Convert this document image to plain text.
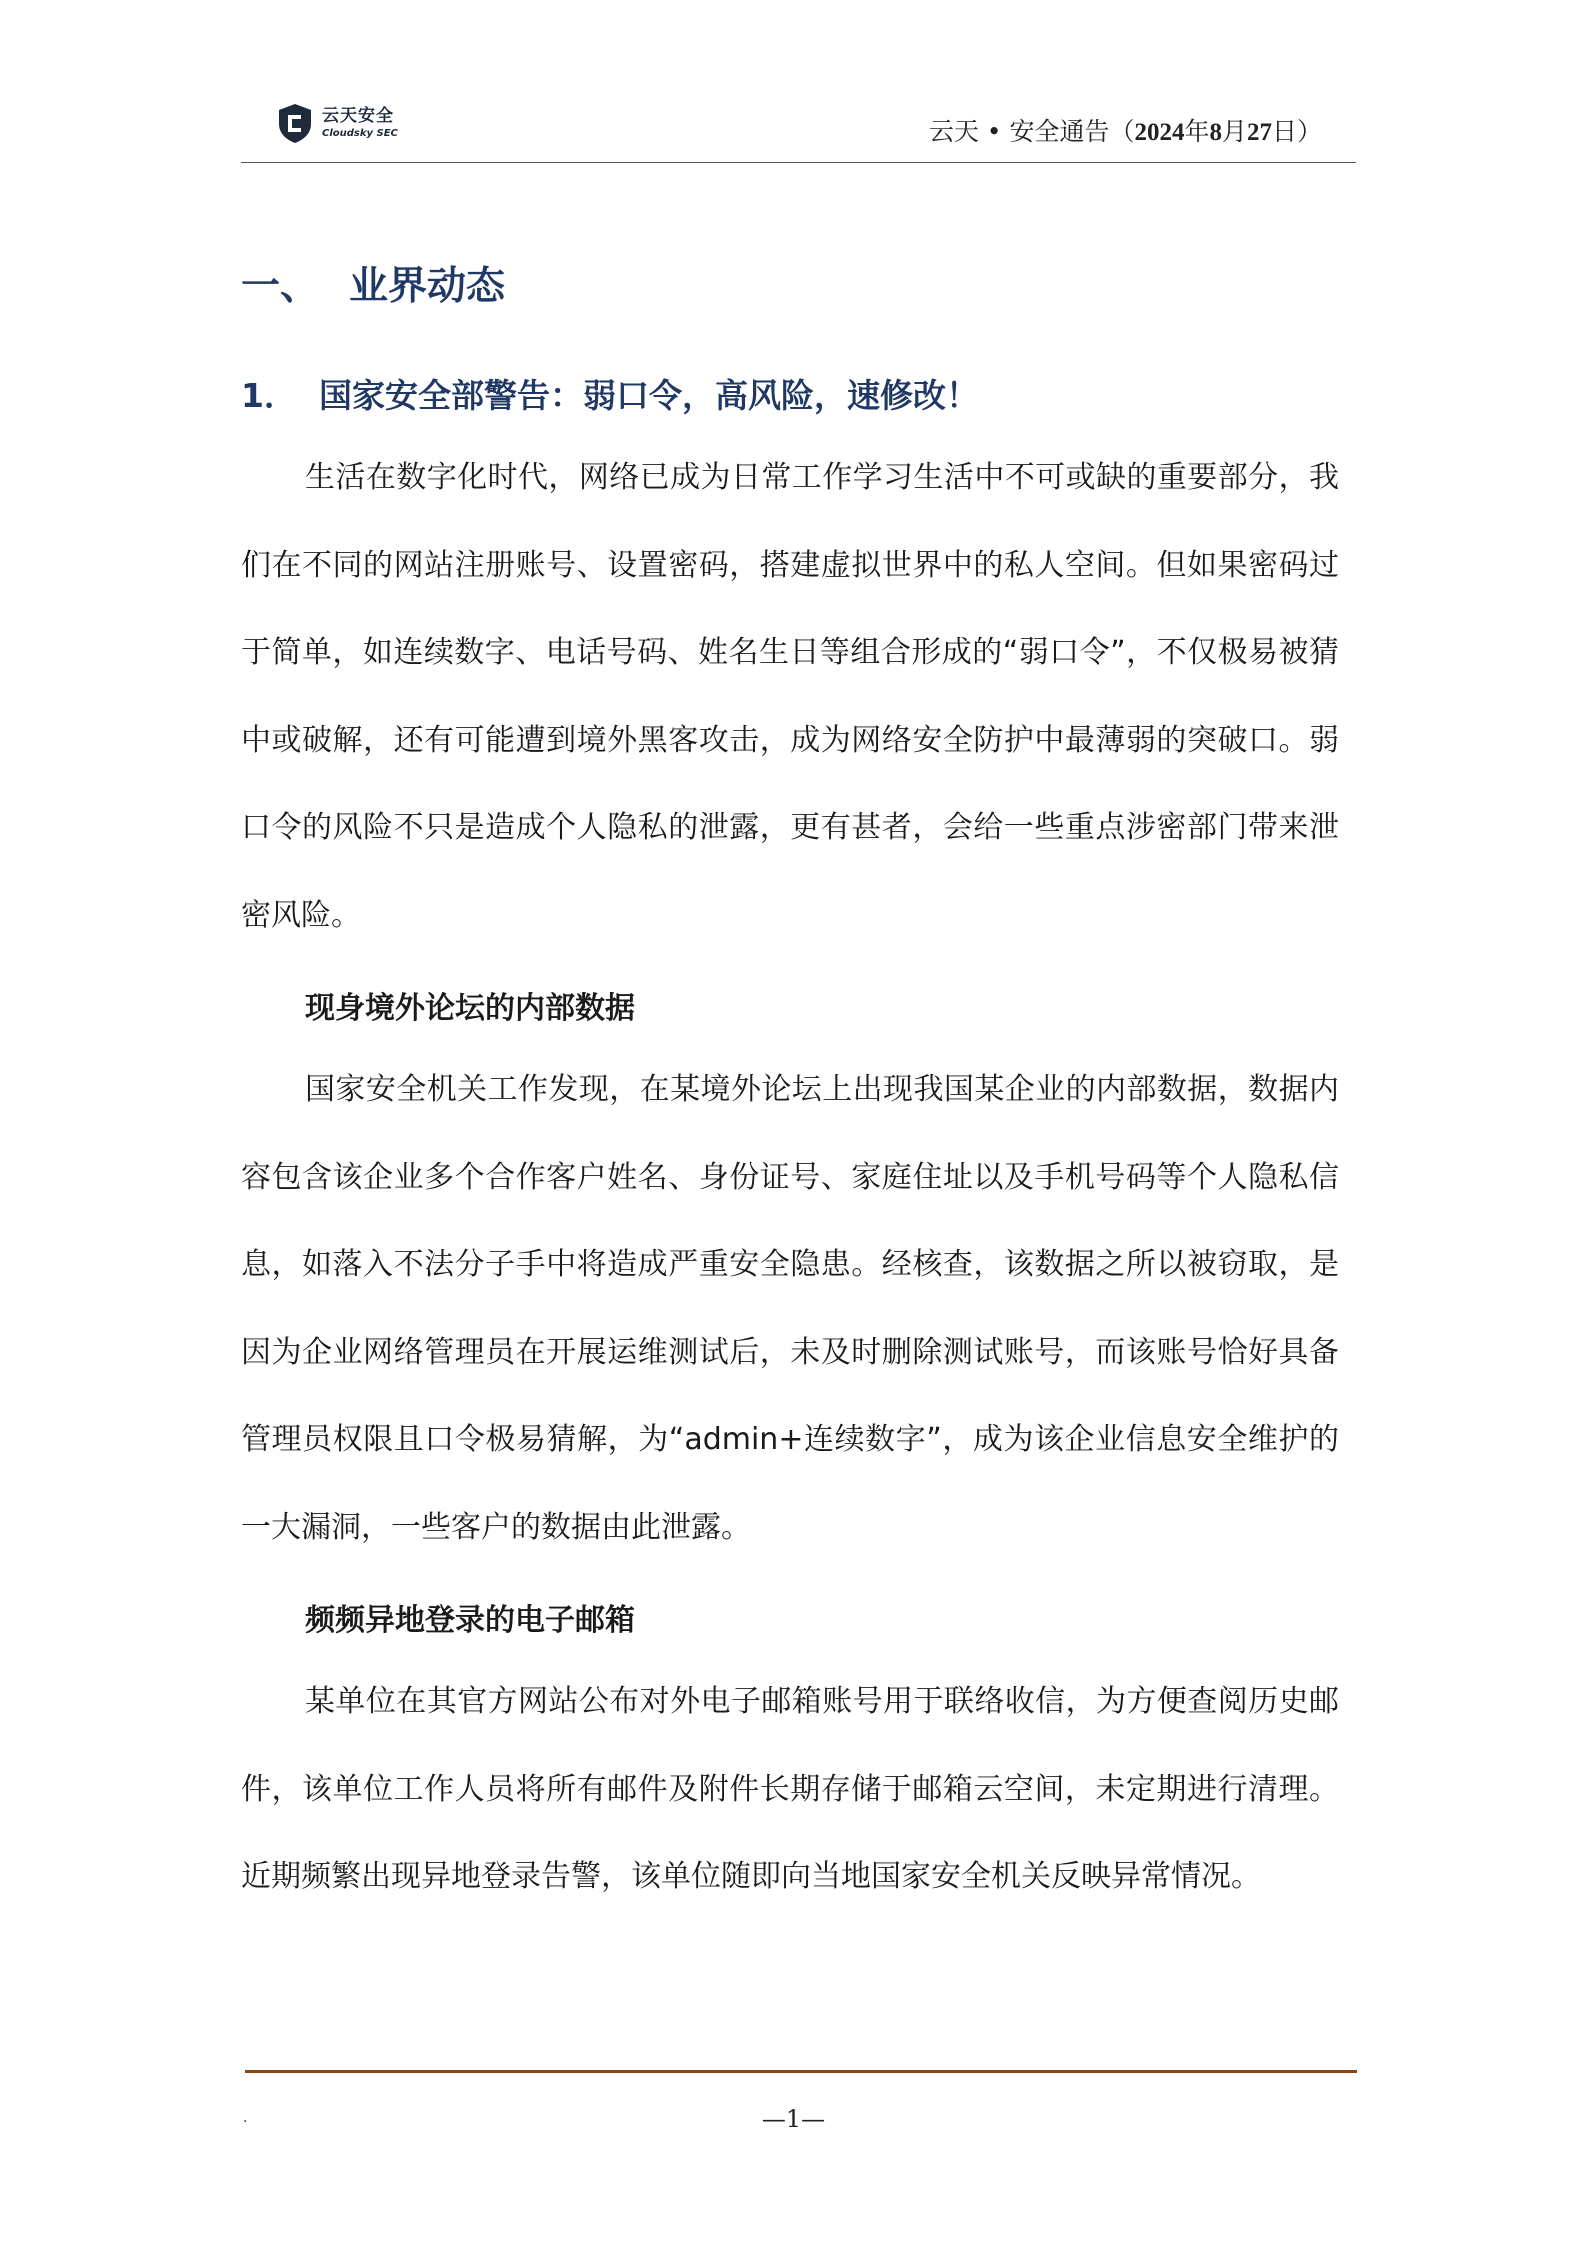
云天安全
Cloudsky SEC	云天 • 安全通告（2024年8月27日）
一、 业界动态
1． 国家安全部警告：弱口令，高风险，速修改！

生活在数字化时代，网络已成为日常工作学习生活中不可或缺的重要部分，我们在不同的网站注册账号、设置密码，搭建虚拟世界中的私人空间。但如果密码过于简单，如连续数字、电话号码、姓名生日等组合形成的“弱口令”，不仅极易被猜中或破解，还有可能遭到境外黑客攻击，成为网络安全防护中最薄弱的突破口。弱口令的风险不只是造成个人隐私的泄露，更有甚者，会给一些重点涉密部门带来泄密风险。

现身境外论坛的内部数据

国家安全机关工作发现，在某境外论坛上出现我国某企业的内部数据，数据内容包含该企业多个合作客户姓名、身份证号、家庭住址以及手机号码等个人隐私信息，如落入不法分子手中将造成严重安全隐患。经核查，该数据之所以被窃取，是因为企业网络管理员在开展运维测试后，未及时删除测试账号，而该账号恰好具备管理员权限且口令极易猜解，为“admin+连续数字”，成为该企业信息安全维护的一大漏洞，一些客户的数据由此泄露。

频频异地登录的电子邮箱

某单位在其官方网站公布对外电子邮箱账号用于联络收信，为方便查阅历史邮件，该单位工作人员将所有邮件及附件长期存储于邮箱云空间，未定期进行清理。近期频繁出现异地登录告警，该单位随即向当地国家安全机关反映异常情况。

.	—1—
